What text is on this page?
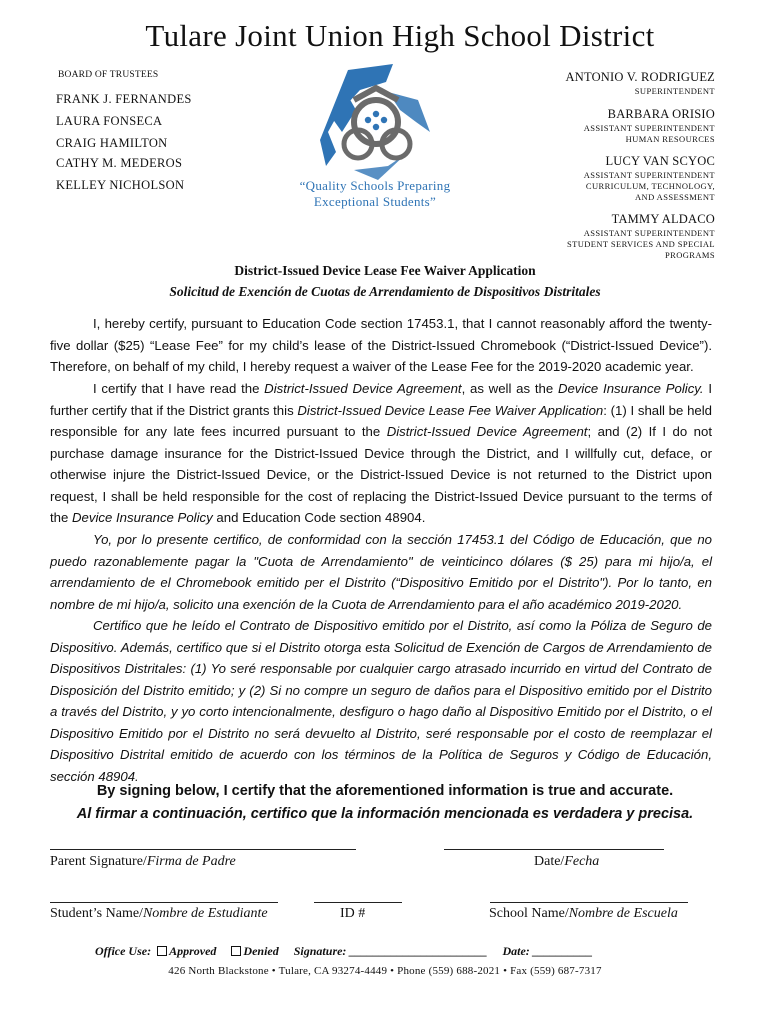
Tulare Joint Union High School District
BOARD OF TRUSTEES
FRANK J. FERNANDES
LAURA FONSECA
CRAIG HAMILTON
CATHY M. MEDEROS
KELLEY NICHOLSON	“Quality Schools Preparing
Exceptional Students”
ANTONIO V. RODRIGUEZ
SUPERINTENDENT
BARBARA ORISIO
ASSISTANT SUPERINTENDENT
HUMAN RESOURCES
LUCY VAN SCYOC
ASSISTANT SUPERINTENDENT
CURRICULUM, TECHNOLOGY,
AND ASSESSMENT
TAMMY ALDACO
ASSISTANT SUPERINTENDENT
STUDENT SERVICES AND SPECIAL
PROGRAMS
District-Issued Device Lease Fee Waiver Application
Solicitud de Exención de Cuotas de Arrendamiento de Dispositivos Distritales
I, hereby certify, pursuant to Education Code section 17453.1, that I cannot reasonably afford the twenty-five dollar ($25) “Lease Fee” for my child’s lease of the District-Issued Chromebook (“District-Issued Device”). Therefore, on behalf of my child, I hereby request a waiver of the Lease Fee for the 2019-2020 academic year.
I certify that I have read the District-Issued Device Agreement, as well as the Device Insurance Policy. I further certify that if the District grants this District-Issued Device Lease Fee Waiver Application: (1) I shall be held responsible for any late fees incurred pursuant to the District-Issued Device Agreement; and (2) If I do not purchase damage insurance for the District-Issued Device through the District, and I willfully cut, deface, or otherwise injure the District-Issued Device, or the District-Issued Device is not returned to the District upon request, I shall be held responsible for the cost of replacing the District-Issued Device pursuant to the terms of the Device Insurance Policy and Education Code section 48904.
Yo, por lo presente certifico, de conformidad con la sección 17453.1 del Código de Educación, que no puedo razonablemente pagar la "Cuota de Arrendamiento" de veinticinco dólares ($ 25) para mi hijo/a, el arrendamiento de el Chromebook emitido per el Distrito (“Dispositivo Emitido por el Distrito"). Por lo tanto, en nombre de mi hijo/a, solicito una exención de la Cuota de Arrendamiento para el año académico 2019-2020.
Certifico que he leído el Contrato de Dispositivo emitido por el Distrito, así como la Póliza de Seguro de Dispositivo. Además, certifico que si el Distrito otorga esta Solicitud de Exención de Cargos de Arrendamiento de Dispositivos Distritales: (1) Yo seré responsable por cualquier cargo atrasado incurrido en virtud del Contrato de Disposición del Distrito emitido; y (2) Si no compre un seguro de daños para el Dispositivo emitido por el Distrito a través del Distrito, y yo corto intencionalmente, desfiguro o hago daño al Dispositivo Emitido por el Distrito, o el Dispositivo Emitido por el Distrito no será devuelto al Distrito, seré responsable por el costo de reemplazar el Dispositivo Distrital emitido de acuerdo con los términos de la Política de Seguros y Código de Educación, sección 48904.
By signing below, I certify that the aforementioned information is true and accurate.
Al firmar a continuación, certifico que la información mencionada es verdadera y precisa.
Parent Signature/Firma de Padre	Date/Fecha
Student’s Name/Nombre de Estudiante	ID #	School Name/Nombre de Escuela
Office Use: Approved Denied Signature: _______________________ Date: __________
426 North Blackstone • Tulare, CA 93274-4449 • Phone (559) 688-2021 • Fax (559) 687-7317
